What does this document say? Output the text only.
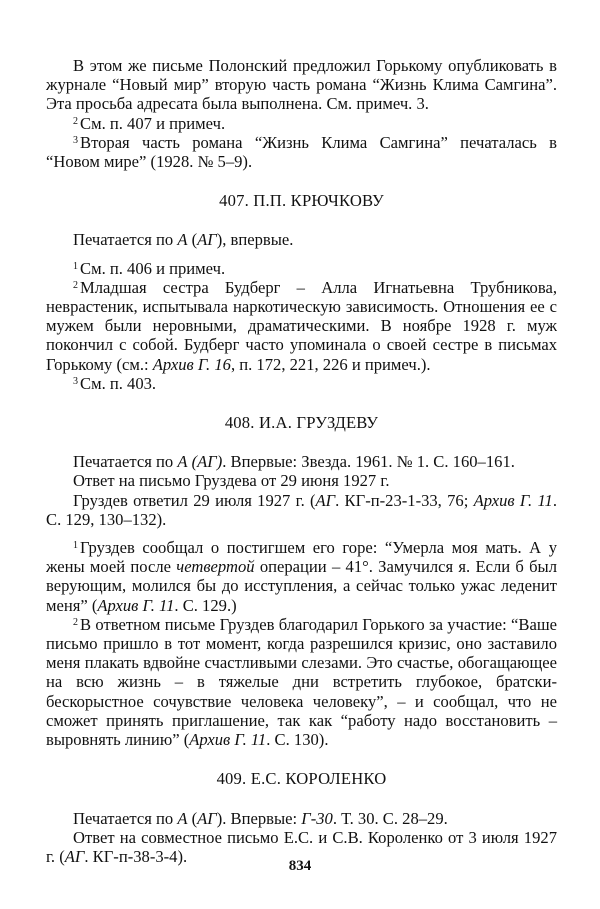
В этом же письме Полонский предложил Горькому опубликовать в журнале “Новый мир” вторую часть романа “Жизнь Клима Самгина”. Эта просьба адресата была выполнена. См. примеч. 3.

$^2$ См. п. 407 и примеч.

$^3$ Вторая часть романа “Жизнь Клима Самгина” печаталась в “Новом мире” (1928. № 5–9).

407. П.П. КРЮЧКОВУ

Печатается по А (АГ), впервые.

$^1$ См. п. 406 и примеч.

$^2$ Младшая сестра Будберг – Алла Игнатьевна Трубникова, неврастеник, испытывала наркотическую зависимость. Отношения ее с мужем были неровными, драматическими. В ноябре 1928 г. муж покончил с собой. Будберг часто упоминала о своей сестре в письмах Горькому (см.: Архив Г. 16, п. 172, 221, 226 и примеч.).

$^3$ См. п. 403.

408. И.А. ГРУЗДЕВУ

Печатается по А (АГ). Впервые: Звезда. 1961. № 1. С. 160–161.

Ответ на письмо Груздева от 29 июня 1927 г.

Груздев ответил 29 июля 1927 г. (АГ. КГ-п-23-1-33, 76; Архив Г. 11. С. 129, 130–132).

$^1$ Груздев сообщал о постигшем его горе: “Умерла моя мать. А у жены моей после четвертой операции – 41°. Замучился я. Если б был верующим, молился бы до исступления, а сейчас только ужас леденит меня” (Архив Г. 11. С. 129.)

$^2$ В ответном письме Груздев благодарил Горького за участие: “Ваше письмо пришло в тот момент, когда разрешился кризис, оно заставило меня плакать вдвойне счастливыми слезами. Это счастье, обогащающее на всю жизнь – в тяжелые дни встретить глубокое, братски-бескорыстное сочувствие человека человеку”, – и сообщал, что не сможет принять приглашение, так как “работу надо восстановить – выровнять линию” (Архив Г. 11. С. 130).

409. Е.С. КОРОЛЕНКО

Печатается по А (АГ). Впервые: Г-30. Т. 30. С. 28–29.

Ответ на совместное письмо Е.С. и С.В. Короленко от 3 июля 1927 г. (АГ. КГ-п-38-3-4).

834
